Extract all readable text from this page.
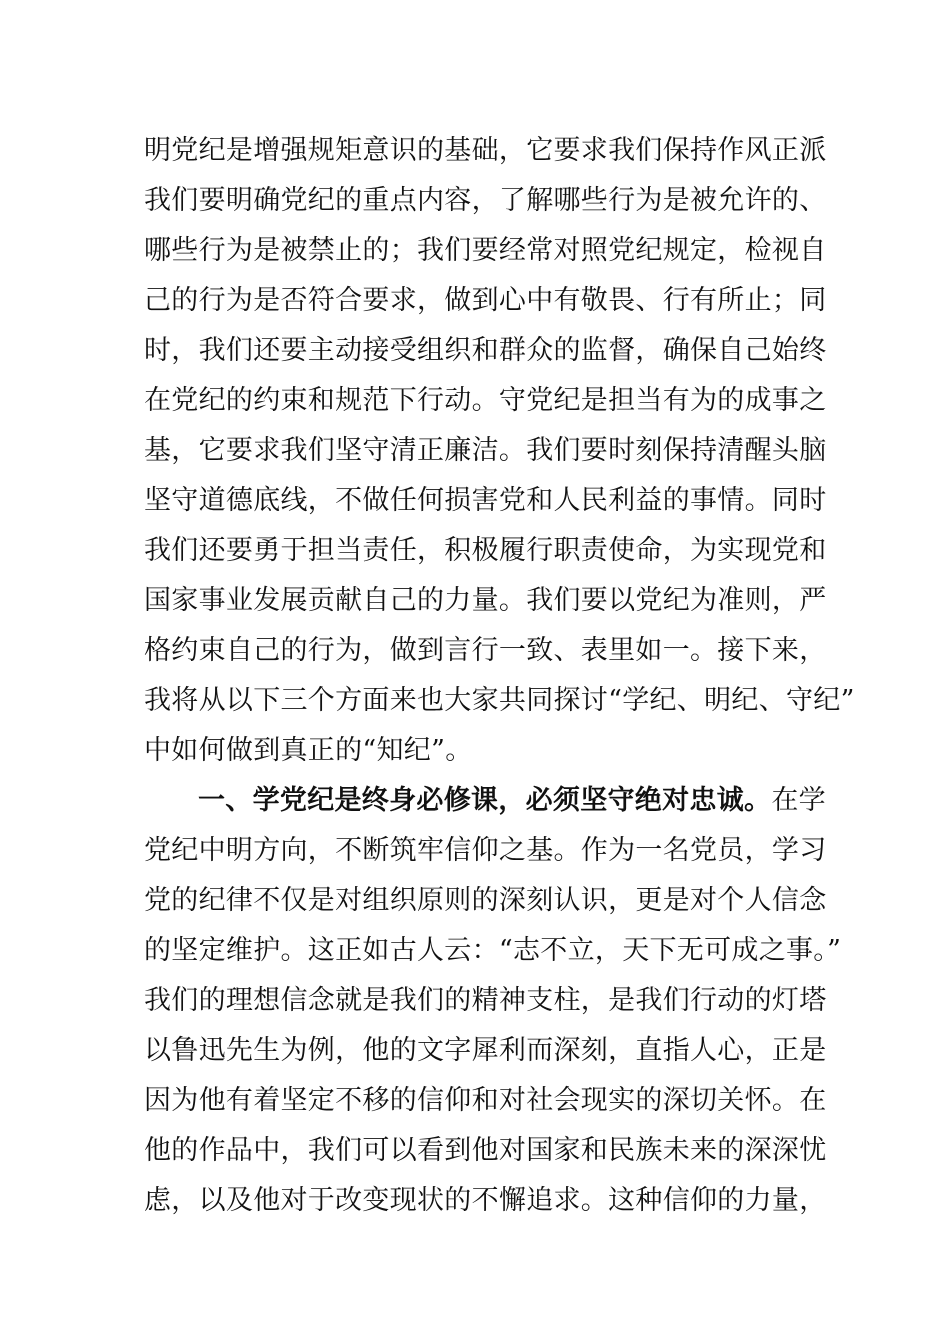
明党纪是增强规矩意识的基础，它要求我们保持作风正派
我们要明确党纪的重点内容，了解哪些行为是被允许的、
哪些行为是被禁止的；我们要经常对照党纪规定，检视自
己的行为是否符合要求，做到心中有敬畏、行有所止；同
时，我们还要主动接受组织和群众的监督，确保自己始终
在党纪的约束和规范下行动。守党纪是担当有为的成事之
基，它要求我们坚守清正廉洁。我们要时刻保持清醒头脑
坚守道德底线，不做任何损害党和人民利益的事情。同时
我们还要勇于担当责任，积极履行职责使命，为实现党和
国家事业发展贡献自己的力量。我们要以党纪为准则，严
格约束自己的行为，做到言行一致、表里如一。接下来，
我将从以下三个方面来也大家共同探讨“学纪、明纪、守纪”
中如何做到真正的“知纪”。
一、学党纪是终身必修课，必须坚守绝对忠诚。在学
党纪中明方向，不断筑牢信仰之基。作为一名党员，学习
党的纪律不仅是对组织原则的深刻认识，更是对个人信念
的坚定维护。这正如古人云：“志不立，天下无可成之事。”
我们的理想信念就是我们的精神支柱，是我们行动的灯塔
以鲁迅先生为例，他的文字犀利而深刻，直指人心，正是
因为他有着坚定不移的信仰和对社会现实的深切关怀。在
他的作品中，我们可以看到他对国家和民族未来的深深忧
虑，以及他对于改变现状的不懈追求。这种信仰的力量，
